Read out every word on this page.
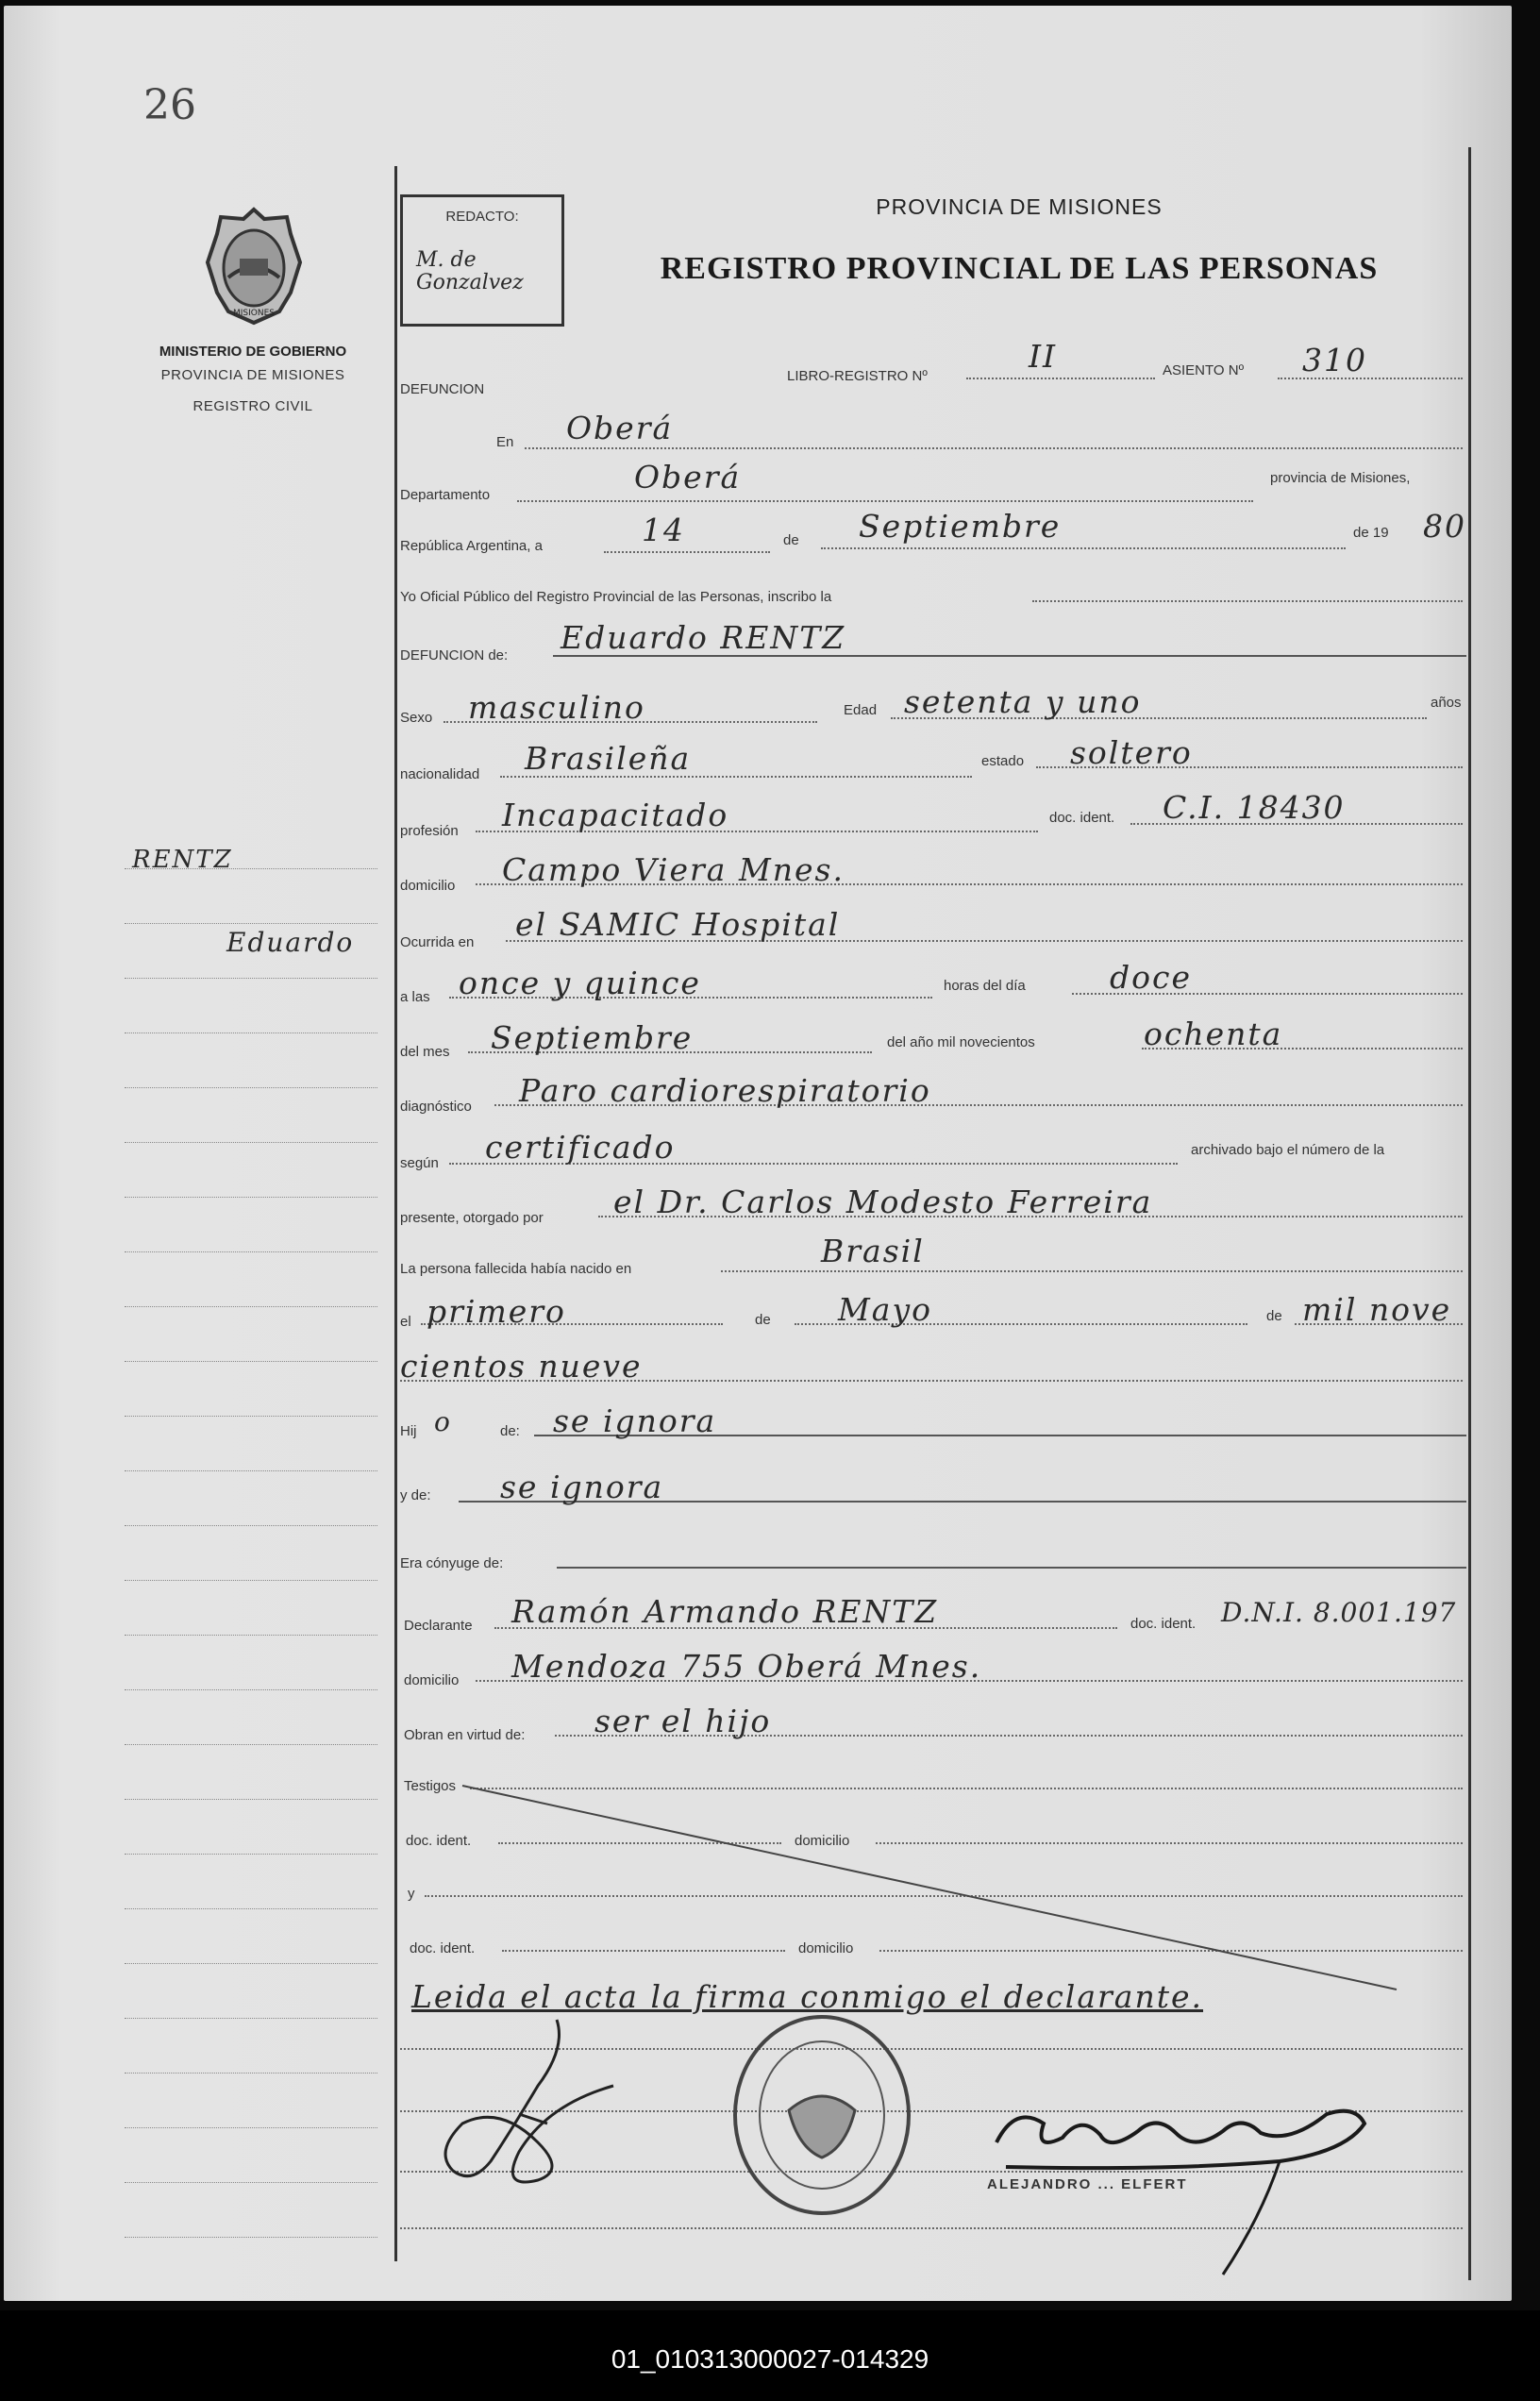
26
MISIONES
MINISTERIO DE GOBIERNO
PROVINCIA DE MISIONES
REGISTRO CIVIL
RENTZ
Eduardo
REDACTO:
M. de Gonzalvez
PROVINCIA DE MISIONES
REGISTRO PROVINCIAL DE LAS PERSONAS
DEFUNCION
LIBRO-REGISTRO Nº
II	ASIENTO Nº 310
En Oberá
Departamento	Oberá	provincia de Misiones,
República Argentina, a	14	de Septiembre	de 19 80
Yo Oficial Público del Registro Provincial de las Personas, inscribo la
DEFUNCION de: Eduardo RENTZ
Sexo masculino	Edad setenta y uno	años
nacionalidad Brasileña	estado soltero
profesión Incapacitado	doc. ident. C.I. 18430
domicilio Campo Viera Mnes.
Ocurrida en el SAMIC Hospital
a las once y quince	horas del día	doce
del mes Septiembre	del año mil novecientos	ochenta
diagnóstico Paro cardiorespiratorio
según certificado	archivado bajo el número de la
presente, otorgado por el Dr. Carlos Modesto Ferreira
La persona fallecida había nacido en	Brasil
el primero	de Mayo	de mil nove
cientos nueve
Hij o	de: se ignora
y de: se ignora
Era cónyuge de:
Declarante Ramón Armando RENTZ	doc. ident. D.N.I. 8.001.197
domicilio Mendoza 755 Oberá Mnes.
Obran en virtud de: ser el hijo
Testigos
doc. ident.	domicilio
y
doc. ident.	domicilio
Leida el acta la firma conmigo el declarante.
ALEJANDRO ... ELFERT
01_010313000027-014329
